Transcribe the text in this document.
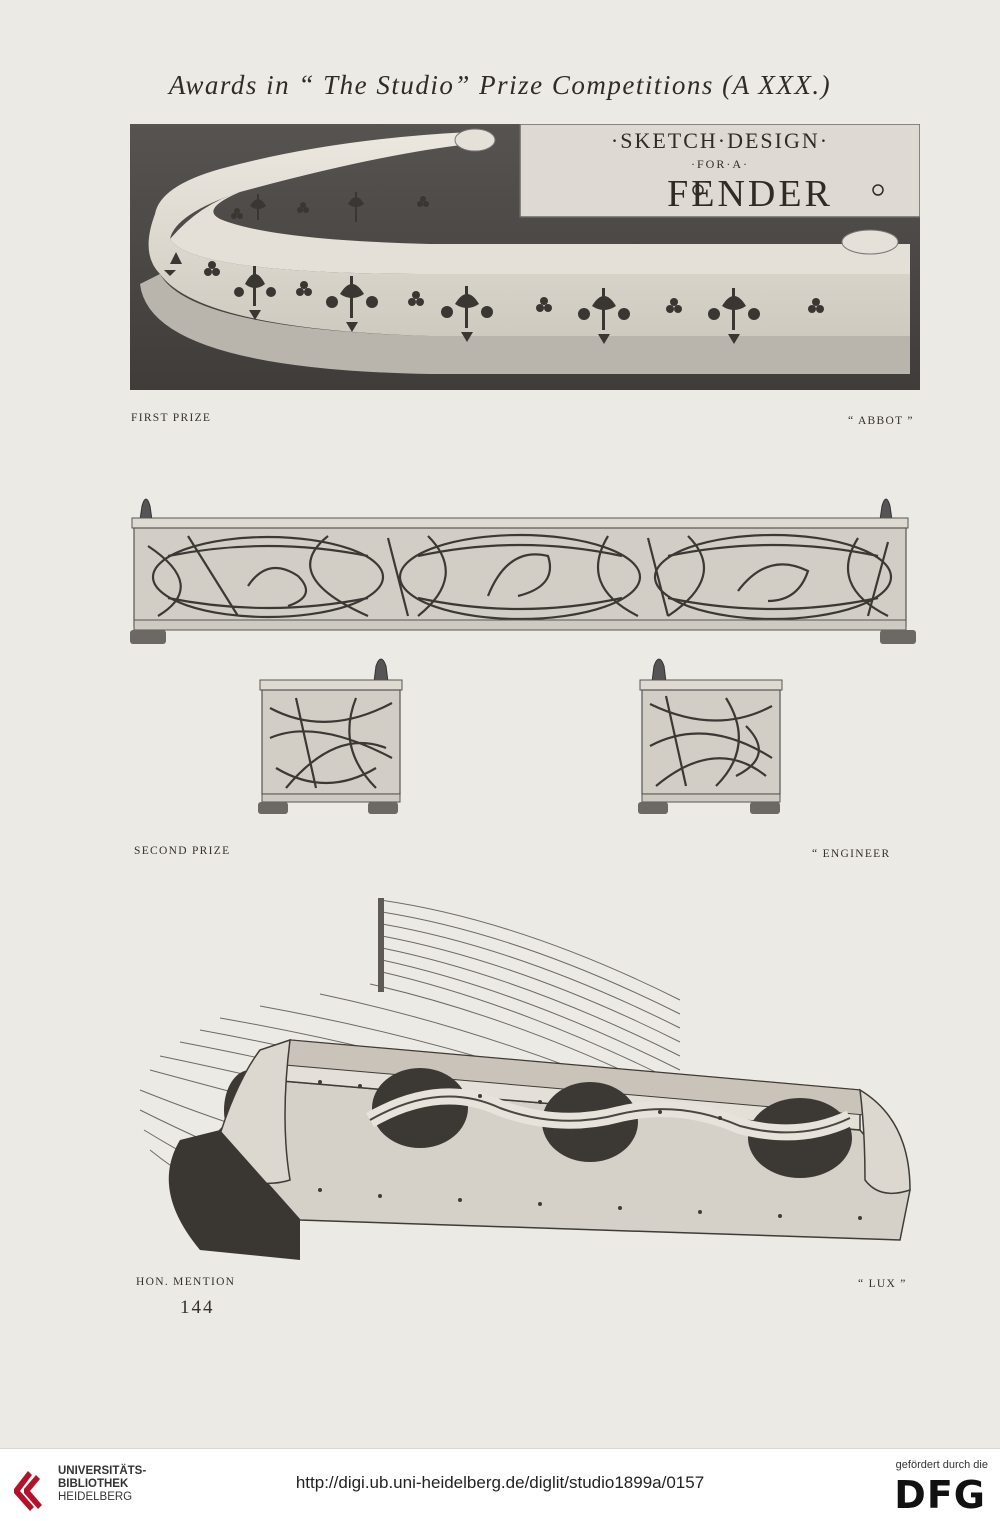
Awards in “ The Studio” Prize Competitions (A XXX.)
·SKETCH·DESIGN·
·FOR·A·
FENDER
FIRST PRIZE	“ ABBOT ”
SECOND PRIZE	“ ENGINEER
HON. MENTION	“ LUX ”
144
UNIVERSITÄTS-
BIBLIOTHEK
HEIDELBERG
http://digi.ub.uni-heidelberg.de/diglit/studio1899a/0157
gefördert durch die
DFG
